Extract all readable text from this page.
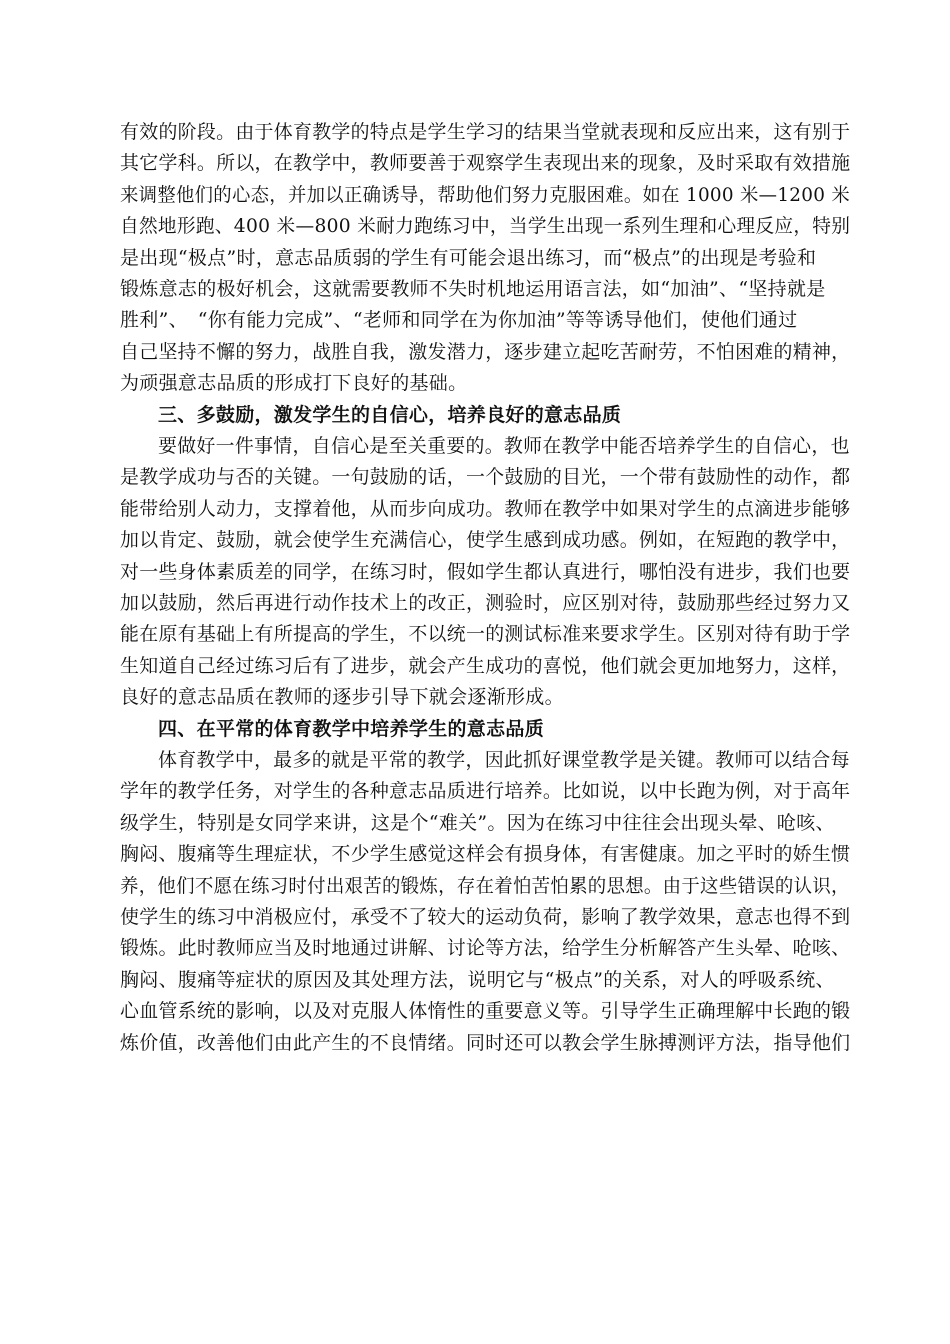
有效的阶段。由于体育教学的特点是学生学习的结果当堂就表现和反应出来，这有别于
其它学科。所以，在教学中，教师要善于观察学生表现出来的现象，及时采取有效措施
来调整他们的心态，并加以正确诱导，帮助他们努力克服困难。如在 1000 米—1200 米
自然地形跑、400 米—800 米耐力跑练习中，当学生出现一系列生理和心理反应，特别
是出现“极点”时，意志品质弱的学生有可能会退出练习，而“极点”的出现是考验和
锻炼意志的极好机会，这就需要教师不失时机地运用语言法，如“加油”、“坚持就是
胜利”、　“你有能力完成”、“老师和同学在为你加油”等等诱导他们，使他们通过
自己坚持不懈的努力，战胜自我，激发潜力，逐步建立起吃苦耐劳，不怕困难的精神，
为顽强意志品质的形成打下良好的基础。
三、多鼓励，激发学生的自信心，培养良好的意志品质
要做好一件事情，自信心是至关重要的。教师在教学中能否培养学生的自信心，也
是教学成功与否的关键。一句鼓励的话，一个鼓励的目光，一个带有鼓励性的动作，都
能带给别人动力，支撑着他，从而步向成功。教师在教学中如果对学生的点滴进步能够
加以肯定、鼓励，就会使学生充满信心，使学生感到成功感。例如，在短跑的教学中，
对一些身体素质差的同学，在练习时，假如学生都认真进行，哪怕没有进步，我们也要
加以鼓励，然后再进行动作技术上的改正，测验时，应区别对待，鼓励那些经过努力又
能在原有基础上有所提高的学生，不以统一的测试标准来要求学生。区别对待有助于学
生知道自己经过练习后有了进步，就会产生成功的喜悦，他们就会更加地努力，这样，
良好的意志品质在教师的逐步引导下就会逐渐形成。
四、在平常的体育教学中培养学生的意志品质
体育教学中，最多的就是平常的教学，因此抓好课堂教学是关键。教师可以结合每
学年的教学任务，对学生的各种意志品质进行培养。比如说，以中长跑为例，对于高年
级学生，特别是女同学来讲，这是个“难关”。因为在练习中往往会出现头晕、呛咳、
胸闷、腹痛等生理症状，不少学生感觉这样会有损身体，有害健康。加之平时的娇生惯
养，他们不愿在练习时付出艰苦的锻炼，存在着怕苦怕累的思想。由于这些错误的认识，
使学生的练习中消极应付，承受不了较大的运动负荷，影响了教学效果，意志也得不到
锻炼。此时教师应当及时地通过讲解、讨论等方法，给学生分析解答产生头晕、呛咳、
胸闷、腹痛等症状的原因及其处理方法，说明它与“极点”的关系，对人的呼吸系统、
心血管系统的影响，以及对克服人体惰性的重要意义等。引导学生正确理解中长跑的锻
炼价值，改善他们由此产生的不良情绪。同时还可以教会学生脉搏测评方法，指导他们
